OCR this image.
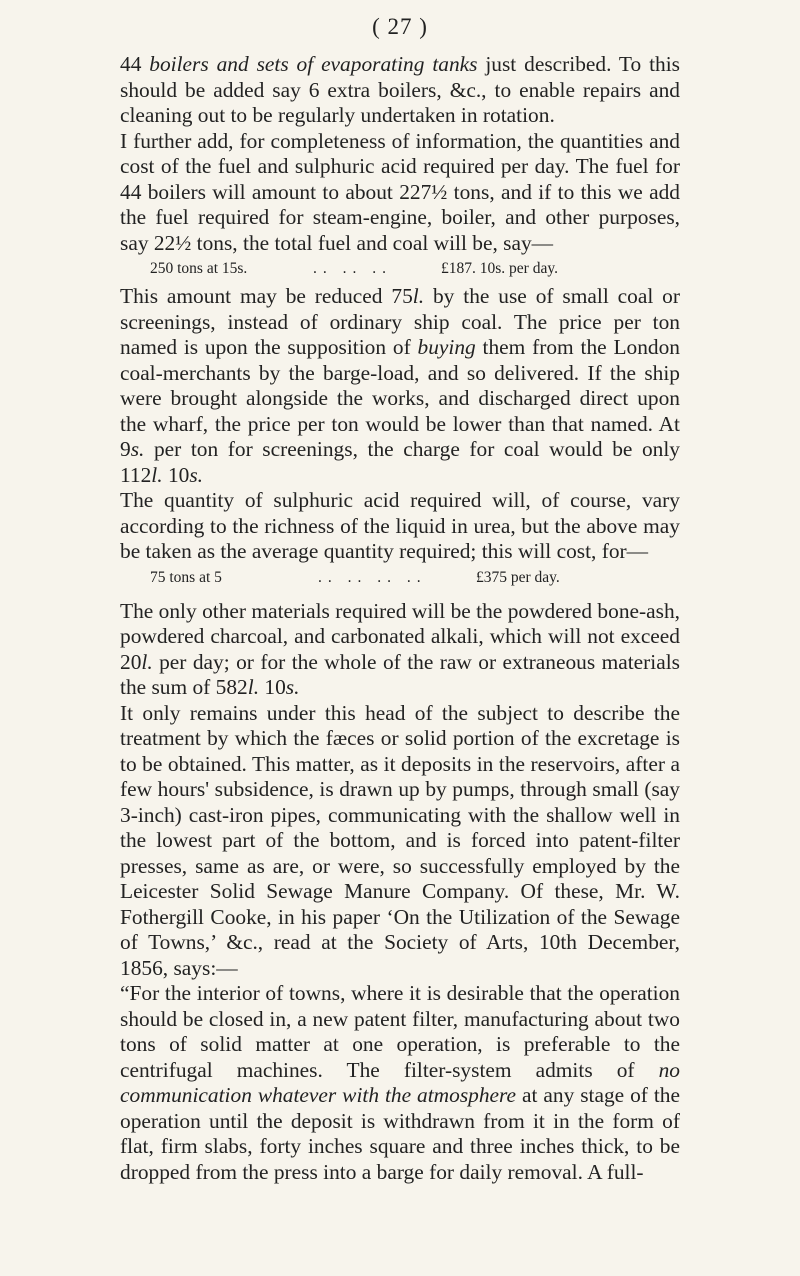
( 27 )

44 boilers and sets of evaporating tanks just described. To this should be added say 6 extra boilers, &c., to enable repairs and cleaning out to be regularly undertaken in rotation.

I further add, for completeness of information, the quantities and cost of the fuel and sulphuric acid required per day. The fuel for 44 boilers will amount to about 227½ tons, and if to this we add the fuel required for steam-engine, boiler, and other purposes, say 22½ tons, the total fuel and coal will be, say—

250 tons at 15s.	.. .. ..	£187. 10s. per day.

This amount may be reduced 75l. by the use of small coal or screenings, instead of ordinary ship coal. The price per ton named is upon the supposition of buying them from the London coal-merchants by the barge-load, and so delivered. If the ship were brought alongside the works, and discharged direct upon the wharf, the price per ton would be lower than that named. At 9s. per ton for screenings, the charge for coal would be only 112l. 10s.

The quantity of sulphuric acid required will, of course, vary according to the richness of the liquid in urea, but the above may be taken as the average quantity required; this will cost, for—

75 tons at 5	.. .. .. ..	£375 per day.

The only other materials required will be the powdered bone-ash, powdered charcoal, and carbonated alkali, which will not exceed 20l. per day; or for the whole of the raw or extraneous materials the sum of 582l. 10s.

It only remains under this head of the subject to describe the treatment by which the fæces or solid portion of the excretage is to be obtained. This matter, as it deposits in the reservoirs, after a few hours' subsidence, is drawn up by pumps, through small (say 3-inch) cast-iron pipes, communicating with the shallow well in the lowest part of the bottom, and is forced into patent-filter presses, same as are, or were, so successfully employed by the Leicester Solid Sewage Manure Company. Of these, Mr. W. Fothergill Cooke, in his paper ‘On the Utilization of the Sewage of Towns,’ &c., read at the Society of Arts, 10th December, 1856, says:—

“For the interior of towns, where it is desirable that the operation should be closed in, a new patent filter, manufacturing about two tons of solid matter at one operation, is preferable to the centrifugal machines. The filter-system admits of no communication whatever with the atmosphere at any stage of the operation until the deposit is withdrawn from it in the form of flat, firm slabs, forty inches square and three inches thick, to be dropped from the press into a barge for daily removal. A full-
